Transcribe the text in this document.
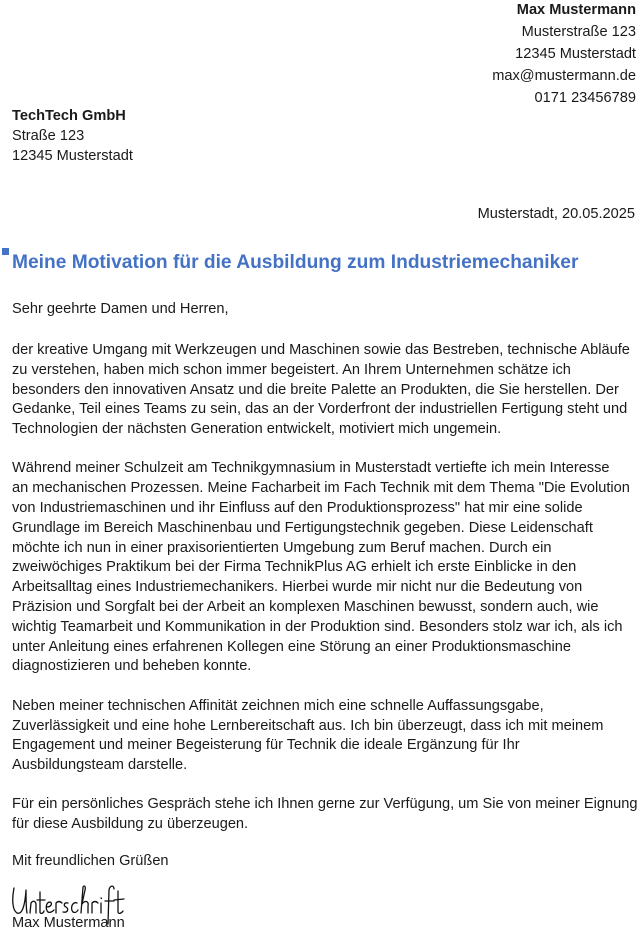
Max Mustermann
Musterstraße 123
12345 Musterstadt
max@mustermann.de
0171 23456789
TechTech GmbH
Straße 123
12345 Musterstadt
Musterstadt, 20.05.2025
Meine Motivation für die Ausbildung zum Industriemechaniker

Sehr geehrte Damen und Herren,

der kreative Umgang mit Werkzeugen und Maschinen sowie das Bestreben, technische Abläufe
zu verstehen, haben mich schon immer begeistert. An Ihrem Unternehmen schätze ich
besonders den innovativen Ansatz und die breite Palette an Produkten, die Sie herstellen. Der
Gedanke, Teil eines Teams zu sein, das an der Vorderfront der industriellen Fertigung steht und
Technologien der nächsten Generation entwickelt, motiviert mich ungemein.

Während meiner Schulzeit am Technikgymnasium in Musterstadt vertiefte ich mein Interesse
an mechanischen Prozessen. Meine Facharbeit im Fach Technik mit dem Thema "Die Evolution
von Industriemaschinen und ihr Einfluss auf den Produktionsprozess" hat mir eine solide
Grundlage im Bereich Maschinenbau und Fertigungstechnik gegeben. Diese Leidenschaft
möchte ich nun in einer praxisorientierten Umgebung zum Beruf machen. Durch ein
zweiwöchiges Praktikum bei der Firma TechnikPlus AG erhielt ich erste Einblicke in den
Arbeitsalltag eines Industriemechanikers. Hierbei wurde mir nicht nur die Bedeutung von
Präzision und Sorgfalt bei der Arbeit an komplexen Maschinen bewusst, sondern auch, wie
wichtig Teamarbeit und Kommunikation in der Produktion sind. Besonders stolz war ich, als ich
unter Anleitung eines erfahrenen Kollegen eine Störung an einer Produktionsmaschine
diagnostizieren und beheben konnte.

Neben meiner technischen Affinität zeichnen mich eine schnelle Auffassungsgabe,
Zuverlässigkeit und eine hohe Lernbereitschaft aus. Ich bin überzeugt, dass ich mit meinem
Engagement und meiner Begeisterung für Technik die ideale Ergänzung für Ihr
Ausbildungsteam darstelle.

Für ein persönliches Gespräch stehe ich Ihnen gerne zur Verfügung, um Sie von meiner Eignung
für diese Ausbildung zu überzeugen.

Mit freundlichen Grüßen

Max Mustermann
